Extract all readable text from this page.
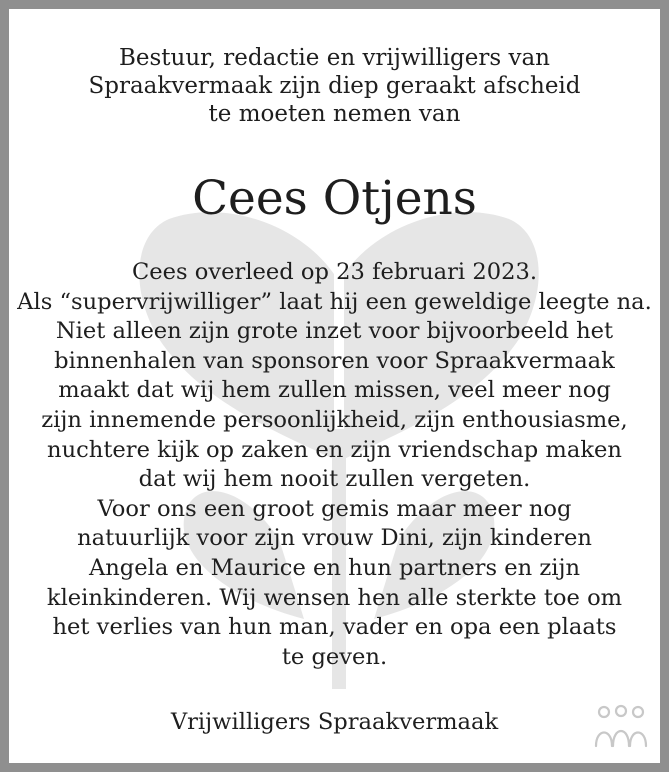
Bestuur, redactie en vrijwilligers van
Spraakvermaak zijn diep geraakt afscheid
te moeten nemen van
Cees Otjens
Cees overleed op 23 februari 2023.
Als “supervrijwilliger” laat hij een geweldige leegte na.
Niet alleen zijn grote inzet voor bijvoorbeeld het
binnenhalen van sponsoren voor Spraakvermaak
maakt dat wij hem zullen missen, veel meer nog
zijn innemende persoonlijkheid, zijn enthousiasme,
nuchtere kijk op zaken en zijn vriendschap maken
dat wij hem nooit zullen vergeten.
Voor ons een groot gemis maar meer nog
natuurlijk voor zijn vrouw Dini, zijn kinderen
Angela en Maurice en hun partners en zijn
kleinkinderen. Wij wensen hen alle sterkte toe om
het verlies van hun man, vader en opa een plaats
te geven.
Vrijwilligers Spraakvermaak
